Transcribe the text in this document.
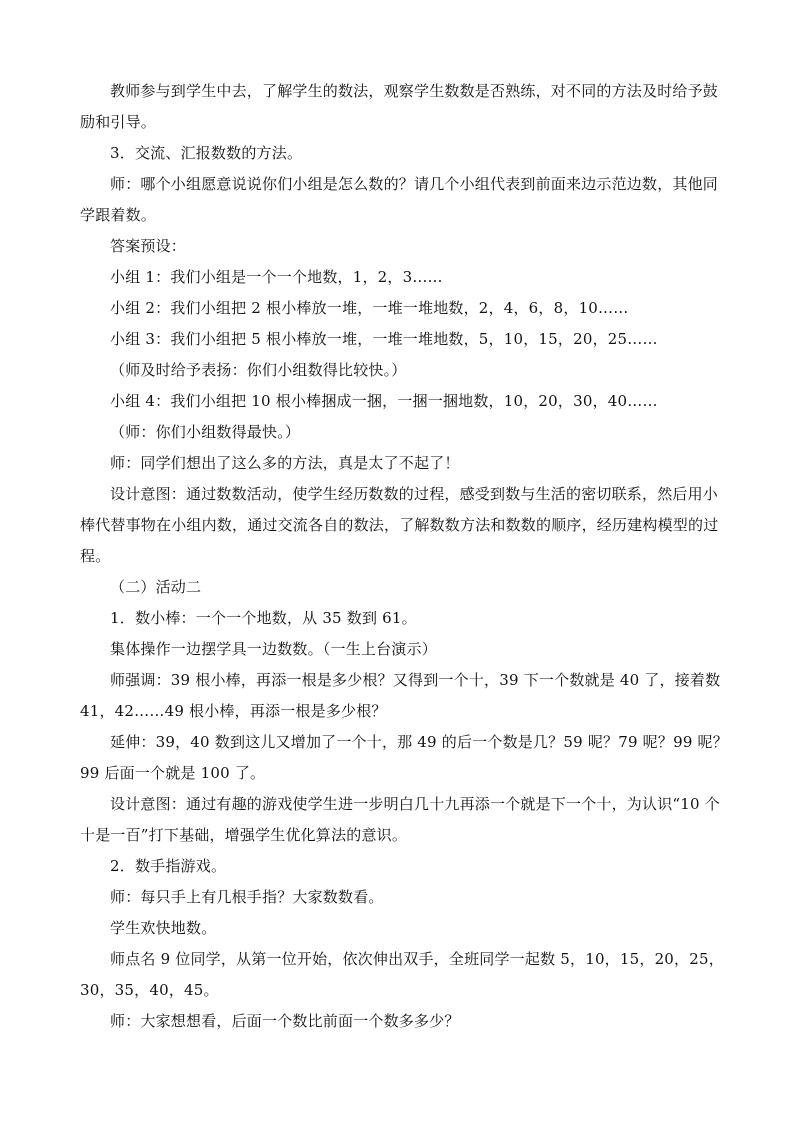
教师参与到学生中去，了解学生的数法，观察学生数数是否熟练，对不同的方法及时给予鼓励和引导。

3．交流、汇报数数的方法。

师：哪个小组愿意说说你们小组是怎么数的？请几个小组代表到前面来边示范边数，其他同学跟着数。

答案预设：

小组 1：我们小组是一个一个地数，1，2，3……

小组 2：我们小组把 2 根小棒放一堆，一堆一堆地数，2，4，6，8，10……

小组 3：我们小组把 5 根小棒放一堆，一堆一堆地数，5，10，15，20，25……

（师及时给予表扬：你们小组数得比较快。）

小组 4：我们小组把 10 根小棒捆成一捆，一捆一捆地数，10，20，30，40……

（师：你们小组数得最快。）

师：同学们想出了这么多的方法，真是太了不起了！

设计意图：通过数数活动，使学生经历数数的过程，感受到数与生活的密切联系，然后用小棒代替事物在小组内数，通过交流各自的数法，了解数数方法和数数的顺序，经历建构模型的过程。

（二）活动二

1．数小棒：一个一个地数，从 35 数到 61。

集体操作一边摆学具一边数数。（一生上台演示）

师强调：39 根小棒，再添一根是多少根？又得到一个十，39 下一个数就是 40 了，接着数 41，42……49 根小棒，再添一根是多少根？

延伸：39，40 数到这儿又增加了一个十，那 49 的后一个数是几？59 呢？79 呢？99 呢？99 后面一个就是 100 了。

设计意图：通过有趣的游戏使学生进一步明白几十九再添一个就是下一个十，为认识“10 个十是一百”打下基础，增强学生优化算法的意识。

2．数手指游戏。

师：每只手上有几根手指？大家数数看。

学生欢快地数。

师点名 9 位同学，从第一位开始，依次伸出双手，全班同学一起数 5，10，15，20，25，30，35，40，45。

师：大家想想看，后面一个数比前面一个数多多少？
